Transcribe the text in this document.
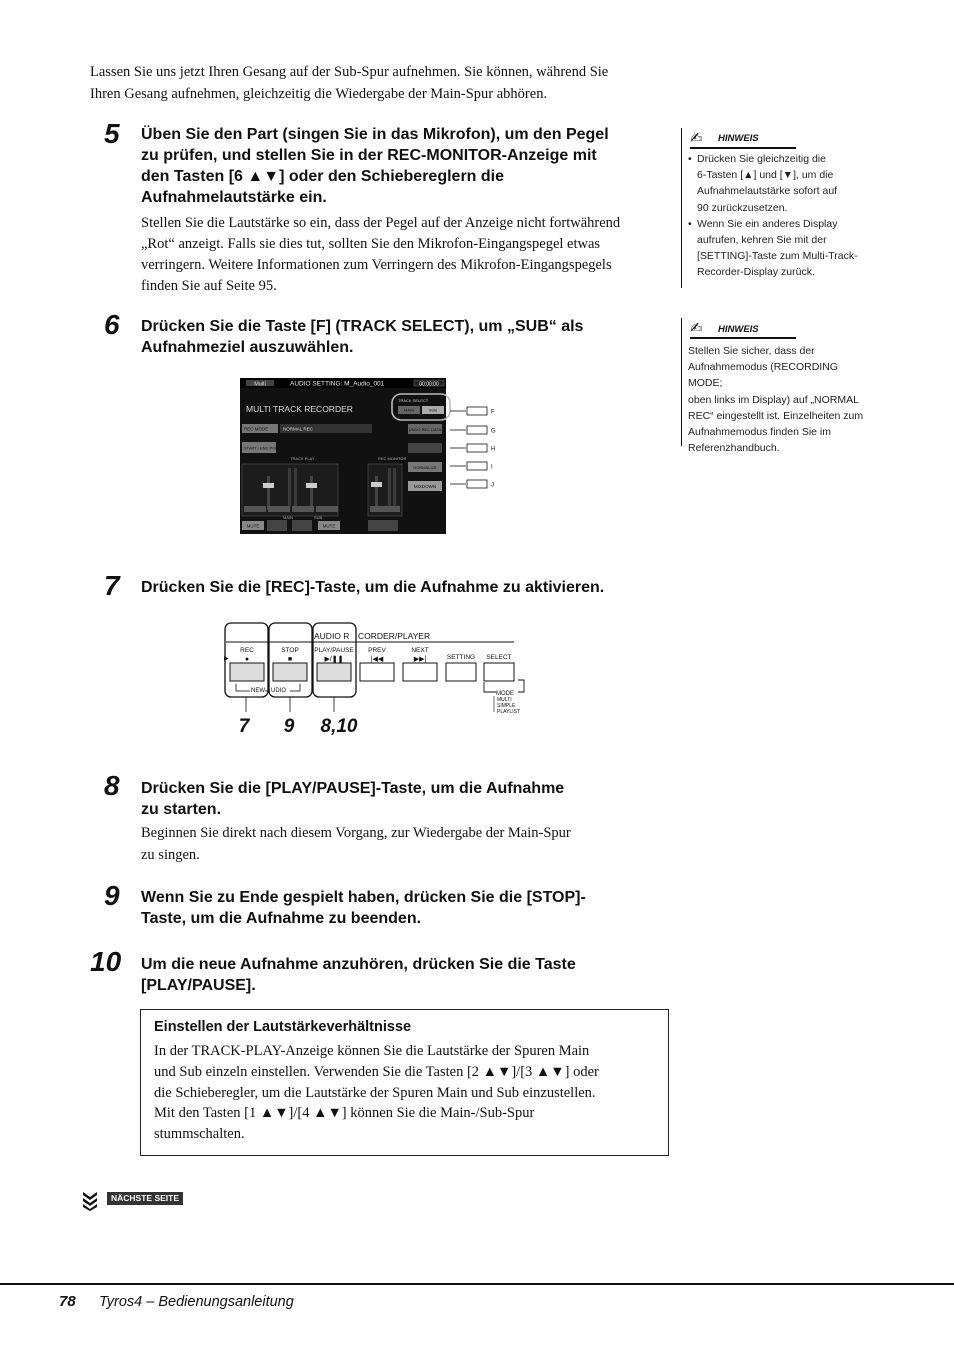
Lassen Sie uns jetzt Ihren Gesang auf der Sub-Spur aufnehmen. Sie können, während Sie
Ihren Gesang aufnehmen, gleichzeitig die Wiedergabe der Main-Spur abhören.
5 Üben Sie den Part (singen Sie in das Mikrofon), um den Pegel
zu prüfen, und stellen Sie in der REC-MONITOR-Anzeige mit
den Tasten [6 ▲▼] oder den Schiebereglern die
Aufnahmelautstärke ein.
Stellen Sie die Lautstärke so ein, dass der Pegel auf der Anzeige nicht fortwährend
„Rot“ anzeigt. Falls sie dies tut, sollten Sie den Mikrofon-Eingangspegel etwas
verringern. Weitere Informationen zum Verringern des Mikrofon-Eingangspegels
finden Sie auf Seite 95.
6 Drücken Sie die Taste [F] (TRACK SELECT), um „SUB“ als
Aufnahmeziel auszuwählen.
Multi	AUDIO SETTING: M_Audio_001	00:00:00
MULTI TRACK RECORDER
REC MODE	NORMAL REC
START / END POINT
TRACK PLAY	REC MONITOR
MUTE
MAIN	SUB
MUTE
TRACK SELECT
MAIN	SUB
UNDO REC DATA
NORMALIZE
MIXDOWN
F
G
H
I
J
7 Drücken Sie die [REC]-Taste, um die Aufnahme zu aktivieren.
AUDIO R CORDER/PLAYER
REC
●
STOP
■
PLAY/PAUSE
▶/❚❚
PREV
|◀◀
NEXT
▶▶|	SETTING SELECT
▶
NEW UDIO	MODE
MULTI
SIMPLE
PLAYLIST
7 9 8,10
8 Drücken Sie die [PLAY/PAUSE]-Taste, um die Aufnahme
zu starten.
Beginnen Sie direkt nach diesem Vorgang, zur Wiedergabe der Main-Spur
zu singen.
9 Wenn Sie zu Ende gespielt haben, drücken Sie die [STOP]-
Taste, um die Aufnahme zu beenden.
10 Um die neue Aufnahme anzuhören, drücken Sie die Taste
[PLAY/PAUSE].
Einstellen der Lautstärkeverhältnisse
In der TRACK-PLAY-Anzeige können Sie die Lautstärke der Spuren Main
und Sub einzeln einstellen. Verwenden Sie die Tasten [2 ▲▼]/[3 ▲▼] oder
die Schieberegler, um die Lautstärke der Spuren Main und Sub einzustellen.
Mit den Tasten [1 ▲▼]/[4 ▲▼] können Sie die Main-/Sub-Spur
stummschalten.
✍ HINWEIS
• Drücken Sie gleichzeitig die
6-Tasten [▲] und [▼], um die
Aufnahmelautstärke sofort auf
90 zurückzusetzen.
• Wenn Sie ein anderes Display
aufrufen, kehren Sie mit der
[SETTING]-Taste zum Multi-Track-
Recorder-Display zurück.
✍ HINWEIS
Stellen Sie sicher, dass der
Aufnahmemodus (RECORDING MODE;
oben links im Display) auf „NORMAL
REC“ eingestellt ist. Einzelheiten zum
Aufnahmemodus finden Sie im
Referenzhandbuch.
NÄCHSTE SEITE
78 Tyros4 – Bedienungsanleitung
